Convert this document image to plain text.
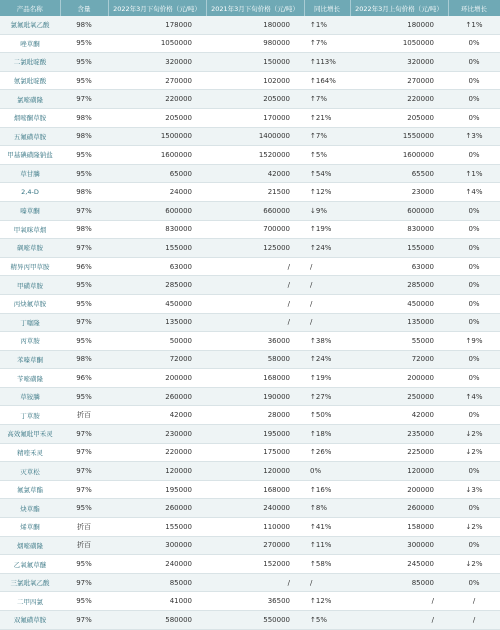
产品名称	含量	2022年3月下旬价格（元/吨）	2021年3月下旬价格（元/吨）	同比增长	2022年3月上旬价格（元/吨）	环比增长
氯氟吡氧乙酸	98%	178000	180000	↑1%	180000	↑1%
唑草酮	95%	1050000	980000	↑7%	1050000	0%
二氯吡啶酸	95%	320000	150000	↑113%	320000	0%
氨氯吡啶酸	95%	270000	102000	↑164%	270000	0%
氯嘧磺隆	97%	220000	205000	↑7%	220000	0%
烟嘧酮草胺	98%	205000	170000	↑21%	205000	0%
五氟磺草胺	98%	1500000	1400000	↑7%	1550000	↑3%
甲基碘磺隆钠盐	95%	1600000	1520000	↑5%	1600000	0%
草甘膦	95%	65000	42000	↑54%	65500	↑1%
2,4-D	98%	24000	21500	↑12%	23000	↑4%
嗪草酮	97%	600000	660000	↓9%	600000	0%
甲氧咪草烟	98%	830000	700000	↑19%	830000	0%
砜嘧草胺	97%	155000	125000	↑24%	155000	0%
精异丙甲草胺	96%	63000	/	/	63000	0%
甲磺草胺	95%	285000	/	/	285000	0%
丙炔氟草胺	95%	450000	/	/	450000	0%
丁噻隆	97%	135000	/	/	135000	0%
丙草胺	95%	50000	36000	↑38%	55000	↑9%
苯嗪草酮	98%	72000	58000	↑24%	72000	0%
苄嘧磺隆	96%	200000	168000	↑19%	200000	0%
草铵膦	95%	260000	190000	↑27%	250000	↑4%
丁草胺	折百	42000	28000	↑50%	42000	0%
高效氟吡甲禾灵	97%	230000	195000	↑18%	235000	↓2%
精喹禾灵	97%	220000	175000	↑26%	225000	↓2%
灭草松	97%	120000	120000	0%	120000	0%
氟氯草酯	97%	195000	168000	↑16%	200000	↓3%
炔草酯	95%	260000	240000	↑8%	260000	0%
烯草酮	折百	155000	110000	↑41%	158000	↓2%
烟嘧磺隆	折百	300000	270000	↑11%	300000	0%
乙氧氟草醚	95%	240000	152000	↑58%	245000	↓2%
三氯吡氧乙酸	97%	85000	/	/	85000	0%
二甲四氯	95%	41000	36500	↑12%	/	/
双氟磺草胺	97%	580000	550000	↑5%	/	/
